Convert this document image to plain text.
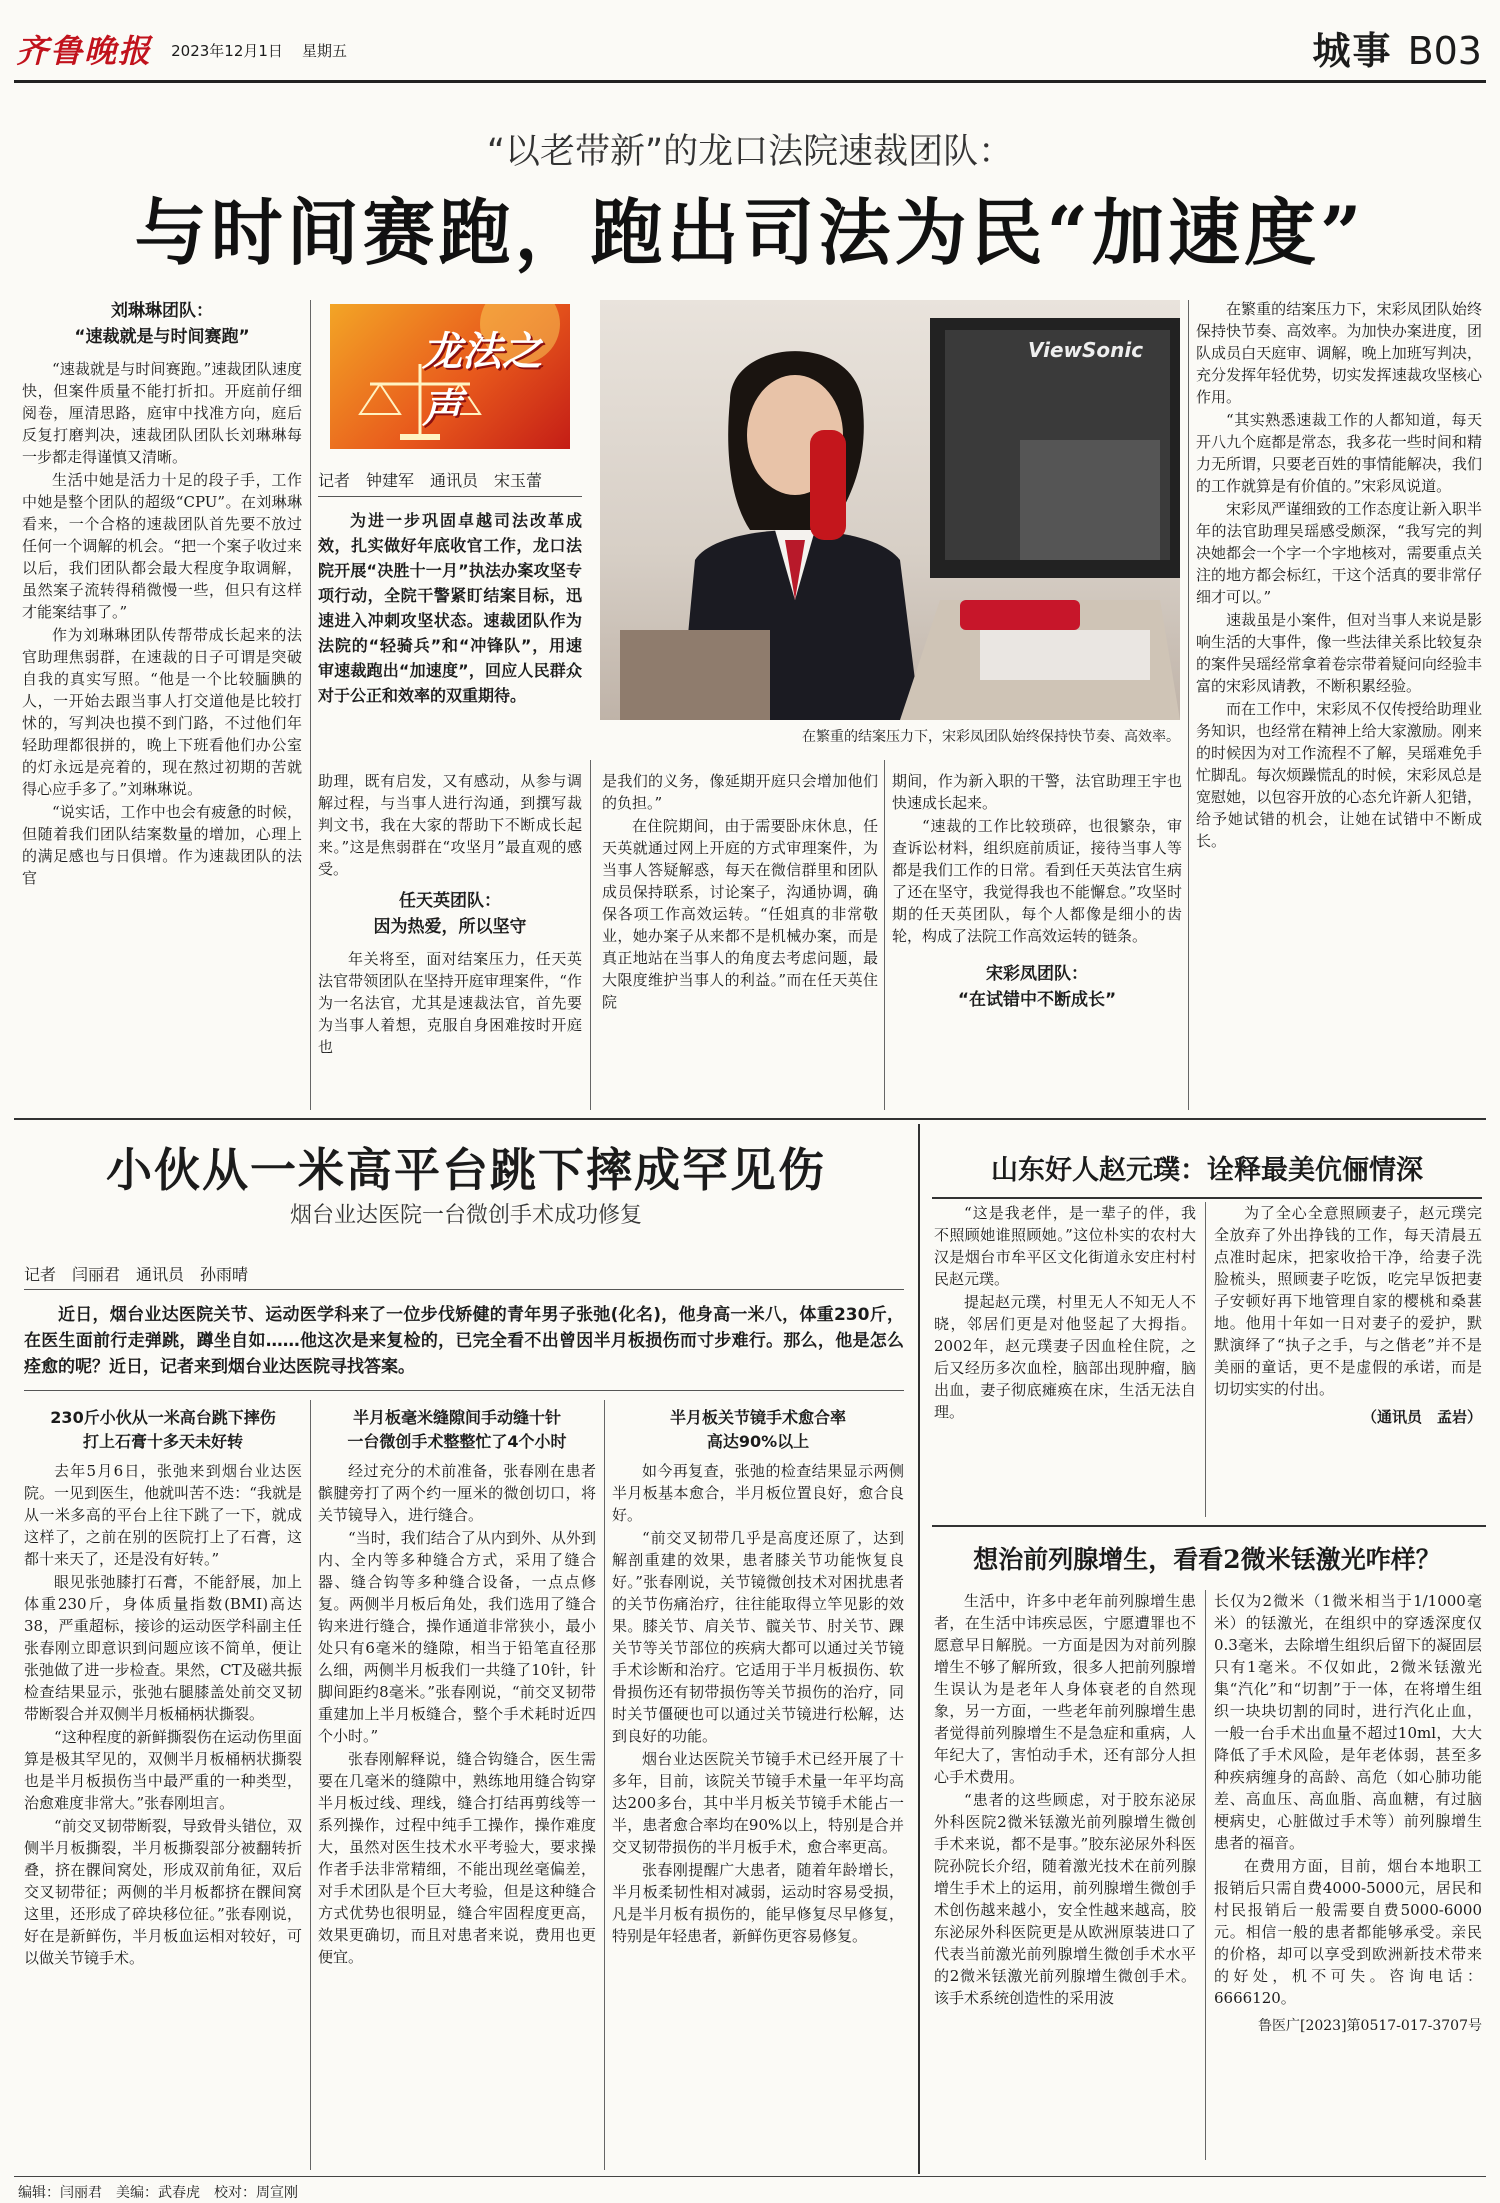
齐鲁晚报 2023年12月1日 星期五	城事 B03
“以老带新”的龙口法院速裁团队：
与时间赛跑，跑出司法为民“加速度”
刘琳琳团队：
“速裁就是与时间赛跑”

“速裁就是与时间赛跑。”速裁团队速度快，但案件质量不能打折扣。开庭前仔细阅卷，厘清思路，庭审中找准方向，庭后反复打磨判决，速裁团队团队长刘琳琳每一步都走得谨慎又清晰。

生活中她是活力十足的段子手，工作中她是整个团队的超级“CPU”。在刘琳琳看来，一个合格的速裁团队首先要不放过任何一个调解的机会。“把一个案子收过来以后，我们团队都会最大程度争取调解，虽然案子流转得稍微慢一些，但只有这样才能案结事了。”

作为刘琳琳团队传帮带成长起来的法官助理焦弱群，在速裁的日子可谓是突破自我的真实写照。“他是一个比较腼腆的人，一开始去跟当事人打交道他是比较打怵的，写判决也摸不到门路，不过他们年轻助理都很拼的，晚上下班看他们办公室的灯永远是亮着的，现在熬过初期的苦就得心应手多了。”刘琳琳说。

“说实话，工作中也会有疲惫的时候，但随着我们团队结案数量的增加，心理上的满足感也与日俱增。作为速裁团队的法官

龙法之声
记者　钟建军　通讯员　宋玉蕾

为进一步巩固卓越司法改革成效，扎实做好年底收官工作，龙口法院开展“决胜十一月”执法办案攻坚专项行动，全院干警紧盯结案目标，迅速进入冲刺攻坚状态。速裁团队作为法院的“轻骑兵”和“冲锋队”，用速审速裁跑出“加速度”，回应人民群众对于公正和效率的双重期待。

ViewSonic
在繁重的结案压力下，宋彩凤团队始终保持快节奏、高效率。

在繁重的结案压力下，宋彩凤团队始终保持快节奏、高效率。为加快办案进度，团队成员白天庭审、调解，晚上加班写判决，充分发挥年轻优势，切实发挥速裁攻坚核心作用。

“其实熟悉速裁工作的人都知道，每天开八九个庭都是常态，我多花一些时间和精力无所谓，只要老百姓的事情能解决，我们的工作就算是有价值的。”宋彩凤说道。

宋彩凤严谨细致的工作态度让新入职半年的法官助理吴瑶感受颇深，“我写完的判决她都会一个字一个字地核对，需要重点关注的地方都会标红，干这个活真的要非常仔细才可以。”

速裁虽是小案件，但对当事人来说是影响生活的大事件，像一些法律关系比较复杂的案件吴瑶经常拿着卷宗带着疑问向经验丰富的宋彩凤请教，不断积累经验。

而在工作中，宋彩凤不仅传授给助理业务知识，也经常在精神上给大家激励。刚来的时候因为对工作流程不了解，吴瑶难免手忙脚乱。每次烦躁慌乱的时候，宋彩凤总是宽慰她，以包容开放的心态允许新人犯错，给予她试错的机会，让她在试错中不断成长。

助理，既有启发，又有感动，从参与调解过程，与当事人进行沟通，到撰写裁判文书，我在大家的帮助下不断成长起来。”这是焦弱群在“攻坚月”最直观的感受。

任天英团队：
因为热爱，所以坚守

年关将至，面对结案压力，任天英法官带领团队在坚持开庭审理案件，“作为一名法官，尤其是速裁法官，首先要为当事人着想，克服自身困难按时开庭也

是我们的义务，像延期开庭只会增加他们的负担。”

在住院期间，由于需要卧床休息，任天英就通过网上开庭的方式审理案件，为当事人答疑解惑，每天在微信群里和团队成员保持联系，讨论案子，沟通协调，确保各项工作高效运转。“任姐真的非常敬业，她办案子从来都不是机械办案，而是真正地站在当事人的角度去考虑问题，最大限度维护当事人的利益。”而在任天英住院

期间，作为新入职的干警，法官助理王宇也快速成长起来。

“速裁的工作比较琐碎，也很繁杂，审查诉讼材料，组织庭前质证，接待当事人等都是我们工作的日常。看到任天英法官生病了还在坚守，我觉得我也不能懈怠。”攻坚时期的任天英团队，每个人都像是细小的齿轮，构成了法院工作高效运转的链条。

宋彩凤团队：
“在试错中不断成长”
小伙从一米高平台跳下摔成罕见伤
烟台业达医院一台微创手术成功修复
记者　闫丽君　通讯员　孙雨晴

近日，烟台业达医院关节、运动医学科来了一位步伐矫健的青年男子张弛(化名)，他身高一米八，体重230斤，在医生面前行走弹跳，蹲坐自如……他这次是来复检的，已完全看不出曾因半月板损伤而寸步难行。那么，他是怎么痊愈的呢？近日，记者来到烟台业达医院寻找答案。

230斤小伙从一米高台跳下摔伤
打上石膏十多天未好转

去年5月6日，张弛来到烟台业达医院。一见到医生，他就叫苦不迭：“我就是从一米多高的平台上往下跳了一下，就成这样了，之前在别的医院打上了石膏，这都十来天了，还是没有好转。”

眼见张弛膝打石膏，不能舒展，加上体重230斤，身体质量指数(BMI)高达38，严重超标，接诊的运动医学科副主任张春刚立即意识到问题应该不简单，便让张弛做了进一步检查。果然，CT及磁共振检查结果显示，张弛右腿膝盖处前交叉韧带断裂合并双侧半月板桶柄状撕裂。

“这种程度的新鲜撕裂伤在运动伤里面算是极其罕见的，双侧半月板桶柄状撕裂也是半月板损伤当中最严重的一种类型，治愈难度非常大。”张春刚坦言。

“前交叉韧带断裂，导致骨头错位，双侧半月板撕裂，半月板撕裂部分被翻转折叠，挤在髁间窝处，形成双前角征，双后交叉韧带征；两侧的半月板都挤在髁间窝这里，还形成了碎块移位征。”张春刚说，好在是新鲜伤，半月板血运相对较好，可以做关节镜手术。

半月板毫米缝隙间手动缝十针
一台微创手术整整忙了4个小时

经过充分的术前准备，张春刚在患者髌腱旁打了两个约一厘米的微创切口，将关节镜导入，进行缝合。

“当时，我们结合了从内到外、从外到内、全内等多种缝合方式，采用了缝合器、缝合钩等多种缝合设备，一点点修复。两侧半月板后角处，我们选用了缝合钩来进行缝合，操作通道非常狭小，最小处只有6毫米的缝隙，相当于铅笔直径那么细，两侧半月板我们一共缝了10针，针脚间距约8毫米。”张春刚说，“前交叉韧带重建加上半月板缝合，整个手术耗时近四个小时。”

张春刚解释说，缝合钩缝合，医生需要在几毫米的缝隙中，熟练地用缝合钩穿半月板过线、理线，缝合打结再剪线等一系列操作，过程中纯手工操作，操作难度大，虽然对医生技术水平考验大，要求操作者手法非常精细，不能出现丝毫偏差，对手术团队是个巨大考验，但是这种缝合方式优势也很明显，缝合牢固程度更高，效果更确切，而且对患者来说，费用也更便宜。

半月板关节镜手术愈合率
高达90%以上

如今再复查，张弛的检查结果显示两侧半月板基本愈合，半月板位置良好，愈合良好。

“前交叉韧带几乎是高度还原了，达到解剖重建的效果，患者膝关节功能恢复良好。”张春刚说，关节镜微创技术对困扰患者的关节伤痛治疗，往往能取得立竿见影的效果。膝关节、肩关节、髋关节、肘关节、踝关节等关节部位的疾病大都可以通过关节镜手术诊断和治疗。它适用于半月板损伤、软骨损伤还有韧带损伤等关节损伤的治疗，同时关节僵硬也可以通过关节镜进行松解，达到良好的功能。

烟台业达医院关节镜手术已经开展了十多年，目前，该院关节镜手术量一年平均高达200多台，其中半月板关节镜手术能占一半，患者愈合率均在90%以上，特别是合并交叉韧带损伤的半月板手术，愈合率更高。

张春刚提醒广大患者，随着年龄增长，半月板柔韧性相对减弱，运动时容易受损，凡是半月板有损伤的，能早修复尽早修复，特别是年轻患者，新鲜伤更容易修复。

山东好人赵元璞：诠释最美伉俪情深

“这是我老伴，是一辈子的伴，我不照顾她谁照顾她。”这位朴实的农村大汉是烟台市牟平区文化街道永安庄村村民赵元璞。

提起赵元璞，村里无人不知无人不晓，邻居们更是对他竖起了大拇指。2002年，赵元璞妻子因血栓住院，之后又经历多次血栓，脑部出现肿瘤，脑出血，妻子彻底瘫痪在床，生活无法自理。

为了全心全意照顾妻子，赵元璞完全放弃了外出挣钱的工作，每天清晨五点准时起床，把家收拾干净，给妻子洗脸梳头，照顾妻子吃饭，吃完早饭把妻子安顿好再下地管理自家的樱桃和桑葚地。他用十年如一日对妻子的爱护，默默演绎了“执子之手，与之偕老”并不是美丽的童话，更不是虚假的承诺，而是切切实实的付出。

（通讯员　孟岩）
想治前列腺增生，看看2微米铥激光咋样？

生活中，许多中老年前列腺增生患者，在生活中讳疾忌医，宁愿遭罪也不愿意早日解脱。一方面是因为对前列腺增生不够了解所致，很多人把前列腺增生误认为是老年人身体衰老的自然现象，另一方面，一些老年前列腺增生患者觉得前列腺增生不是急症和重病，人年纪大了，害怕动手术，还有部分人担心手术费用。

“患者的这些顾虑，对于胶东泌尿外科医院2微米铥激光前列腺增生微创手术来说，都不是事。”胶东泌尿外科医院孙院长介绍，随着激光技术在前列腺增生手术上的运用，前列腺增生微创手术创伤越来越小，安全性越来越高，胶东泌尿外科医院更是从欧洲原装进口了代表当前激光前列腺增生微创手术水平的2微米铥激光前列腺增生微创手术。该手术系统创造性的采用波

长仅为2微米（1微米相当于1/1000毫米）的铥激光，在组织中的穿透深度仅0.3毫米，去除增生组织后留下的凝固层只有1毫米。不仅如此，2微米铥激光集“汽化”和“切割”于一体，在将增生组织一块块切割的同时，进行汽化止血，一般一台手术出血量不超过10ml，大大降低了手术风险，是年老体弱，甚至多种疾病缠身的高龄、高危（如心肺功能差、高血压、高血脂、高血糖，有过脑梗病史，心脏做过手术等）前列腺增生患者的福音。

在费用方面，目前，烟台本地职工报销后只需自费4000-5000元，居民和村民报销后一般需要自费5000-6000元。相信一般的患者都能够承受。亲民的价格，却可以享受到欧洲新技术带来的好处，机不可失。咨询电话：6666120。

鲁医广[2023]第0517-017-3707号
编辑：闫丽君　美编：武春虎　校对：周宣刚
